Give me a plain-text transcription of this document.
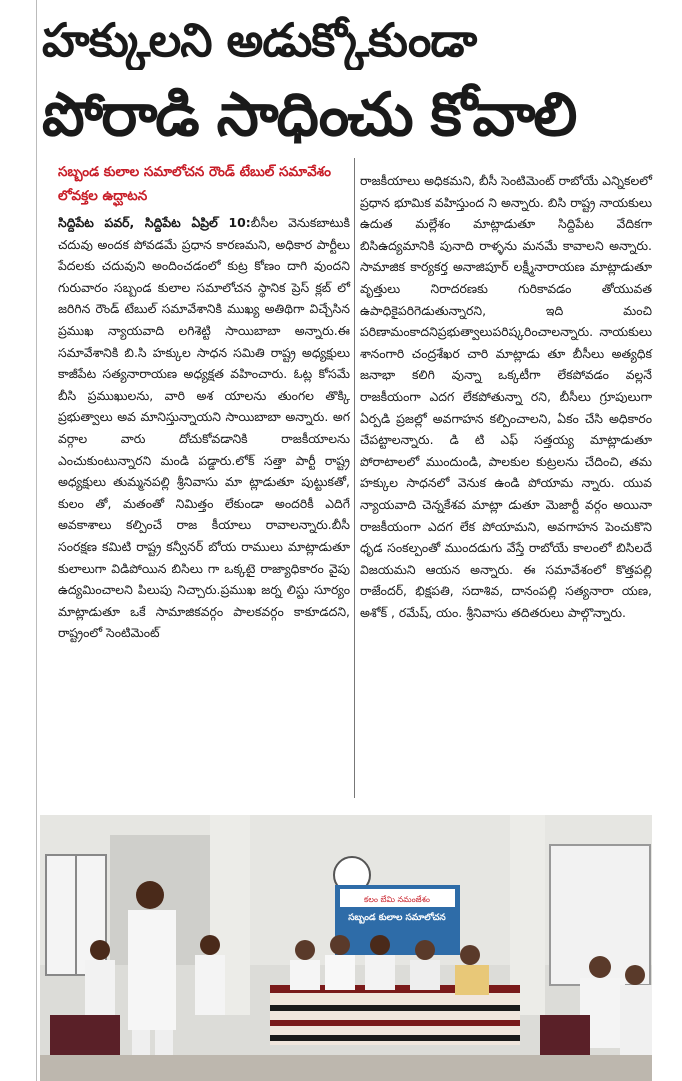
హక్కులని అడుక్కోకుండా
పోరాడి సాధించు కోవాలి
సబ్బండ కులాల సమాలోచన రౌండ్ టేబుల్ సమావేశం లోవక్తల ఉద్ఘాటన

సిద్దిపేట పవర్, సిద్దిపేట ఏప్రిల్ 10:బీసీల వెనుకబాటుకి చదువు అందక పోవడమే ప్రధాన కారణమని, అధికార పార్టీలు పేదలకు చదువుని అందించడంలో కుట్ర కోణం దాగి వుందని గురువారం సబ్బండ కులాల సమాలోచన స్థానిక ప్రెస్ క్లబ్ లో జరిగిన రౌండ్ టేబుల్ సమావేశానికి ముఖ్య అతిథిగా విచ్చేసిన ప్రముఖ న్యాయవాది లగిశెట్టి సాయిబాబా అన్నారు.ఈ సమావేశానికి బి.సి హక్కుల సాధన సమితి రాష్ట్ర అధ్యక్షులు కాజీపేట సత్యనారాయణ అధ్యక్షత వహించారు. ఓట్ల కోసమే బీసి ప్రముఖులను, వారి అశ యాలను తుంగల తొక్కి ప్రభుత్వాలు అవ మానిస్తున్నాయని సాయిబాబా అన్నారు. అగ వర్గాల వారు దోచుకోవడానికి రాజకీయాలను ఎంచుకుంటున్నారని మండి పడ్డారు.లోక్ సత్తా పార్టీ రాష్ట్ర అధ్యక్షులు తుమ్మనపల్లి శ్రీనివాసు మా ట్లాడుతూ పుట్టుకతో, కులం తో, మతంతో నిమిత్తం లేకుండా అందరికీ ఎదిగే అవకాశాలు కల్పించే రాజ కీయాలు రావాలన్నారు.బీసీ సంరక్షణ కమిటి రాష్ట్ర కన్వీనర్ బోయ రాములు మాట్లాడుతూ కులాలుగా విడిపోయిన బిసిలు గా ఒక్కటై రాజ్యాధికారం వైపు ఉద్యమించాలని పిలుపు నిచ్చారు.ప్రముఖ జర్న లిస్టు సూర్యం మాట్లాడుతూ ఒకే సామాజికవర్గం పాలకవర్గం కాకూడదని, రాష్ట్రంలో సెంటిమెంట్

రాజకీయాలు అధికమని, బీసీ సెంటిమెంట్ రాబోయే ఎన్నికలలో ప్రధాన భూమిక వహిస్తుంద ని అన్నారు. బిసి రాష్ట్ర నాయకులు ఉదుత మల్లేశం మాట్లాడుతూ సిద్దిపేట వేదికగా బిసిఉద్యమానికి పునాది రాళ్ళను మనమే కావాలని అన్నారు. సామాజిక కార్యకర్త అనాజిపూర్ లక్ష్మీనారాయణ మాట్లాడుతూ వృత్తులు నిరాదరణకు గురికావడం తోయువత ఉపాధికైపరిగెడుతున్నారని, ఇది మంచి పరిణామంకాదనిప్రభుత్వాలుపరిష్కరించాలన్నారు. నాయకులు శానంగారి చంద్రశేఖర చారి మాట్లాడు తూ బీసీలు అత్యధిక జనాభా కలిగి వున్నా ఒక్కటీగా లేకపోవడం వల్లనే రాజకీయంగా ఎదగ లేకపోతున్నా రని, బీసీలు గ్రూపులుగా ఏర్పడి ప్రజల్లో అవగాహన కల్పించాలని, ఏకం చేసి అధికారం చేపట్టాలన్నారు. డి టి ఎఫ్ సత్తయ్య మాట్లాడుతూ పోరాటాలలో ముందుండి, పాలకుల కుట్రలను చేదించి, తమ హక్కుల సాధనలో వెనుక ఉండి పోయామ న్నారు. యువ న్యాయవాది చెన్నకేశవ మాట్లా డుతూ మెజార్టీ వర్గం అయినా రాజకీయంగా ఎదగ లేక పోయామని, అవగాహన పెంచుకొని ధృడ సంకల్పంతో ముందడుగు వేస్తే రాబోయే కాలంలో బిసిలదే విజయమని ఆయన అన్నారు. ఈ సమావేశంలో కొత్తపల్లి రాజేందర్, భిక్షపతి, సదాశివ, దానంపల్లి సత్యనారా యణ, అశోక్ , రమేష్, యం. శ్రీనివాసు తదితరులు పాల్గొన్నారు.

కలం బేమి నమంజేశం
సబ్బండ కులాల సమాలోచన
